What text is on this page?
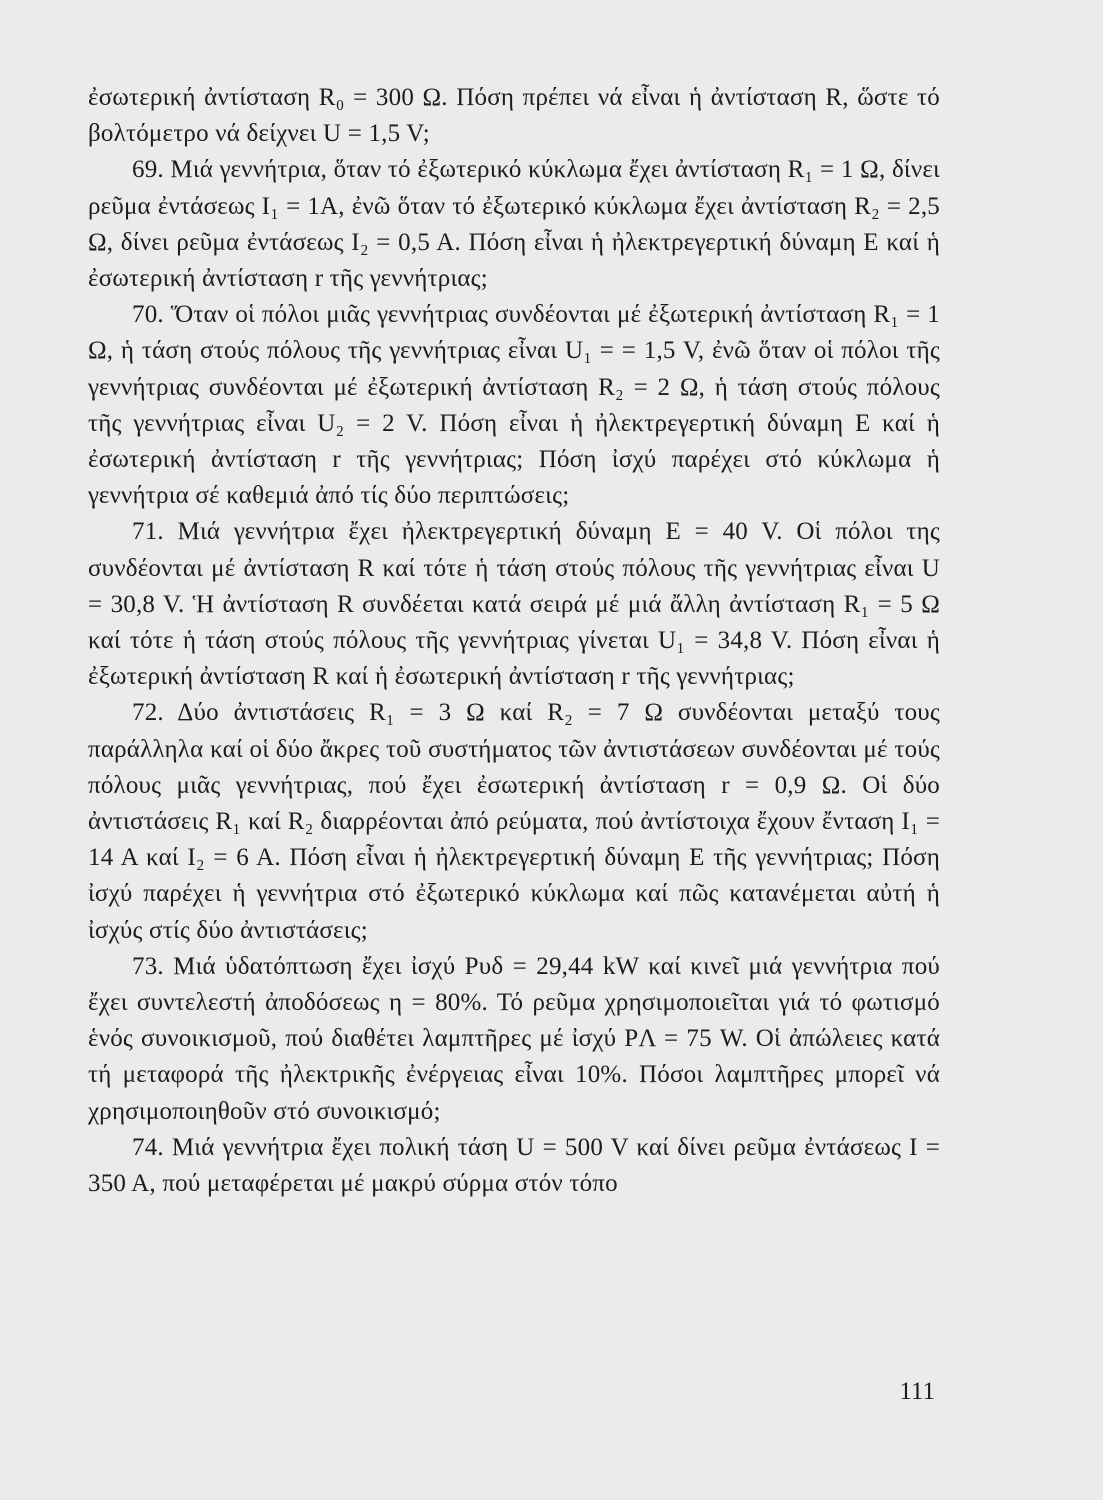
ἐσωτερική ἀντίσταση R₀ = 300 Ω. Πόση πρέπει νά εἶναι ἡ ἀντίσταση R, ὥστε τό βολτόμετρο νά δείχνει U = 1,5 V;

69. Μιά γεννήτρια, ὅταν τό ἐξωτερικό κύκλωμα ἔχει ἀντίσταση R₁ = 1 Ω, δίνει ρεῦμα ἐντάσεως I₁ = 1A, ἐνῶ ὅταν τό ἐξωτερικό κύκλωμα ἔχει ἀντίσταση R₂ = 2,5 Ω, δίνει ρεῦμα ἐντάσεως I₂ = 0,5 A. Πόση εἶναι ἡ ἠλεκτρεγερτική δύναμη E καί ἡ ἐσωτερική ἀντίσταση r τῆς γεννήτριας;

70. Ὅταν οἱ πόλοι μιᾶς γεννήτριας συνδέονται μέ ἐξωτερική ἀντίσταση R₁ = 1 Ω, ἡ τάση στούς πόλους τῆς γεννήτριας εἶναι U₁ = = 1,5 V, ἐνῶ ὅταν οἱ πόλοι τῆς γεννήτριας συνδέονται μέ ἐξωτερική ἀντίσταση R₂ = 2 Ω, ἡ τάση στούς πόλους τῆς γεννήτριας εἶναι U₂ = 2 V. Πόση εἶναι ἡ ἠλεκτρεγερτική δύναμη E καί ἡ ἐσωτερική ἀντίσταση r τῆς γεννήτριας; Πόση ἰσχύ παρέχει στό κύκλωμα ἡ γεννήτρια σέ καθεμιά ἀπό τίς δύο περιπτώσεις;

71. Μιά γεννήτρια ἔχει ἠλεκτρεγερτική δύναμη E = 40 V. Οἱ πόλοι της συνδέονται μέ ἀντίσταση R καί τότε ἡ τάση στούς πόλους τῆς γεννήτριας εἶναι U = 30,8 V. Ἡ ἀντίσταση R συνδέεται κατά σειρά μέ μιά ἄλλη ἀντίσταση R₁ = 5 Ω καί τότε ἡ τάση στούς πόλους τῆς γεννήτριας γίνεται U₁ = 34,8 V. Πόση εἶναι ἡ ἐξωτερική ἀντίσταση R καί ἡ ἐσωτερική ἀντίσταση r τῆς γεννήτριας;

72. Δύο ἀντιστάσεις R₁ = 3 Ω καί R₂ = 7 Ω συνδέονται μεταξύ τους παράλληλα καί οἱ δύο ἄκρες τοῦ συστήματος τῶν ἀντιστάσεων συνδέονται μέ τούς πόλους μιᾶς γεννήτριας, πού ἔχει ἐσωτερική ἀντίσταση r = 0,9 Ω. Οἱ δύο ἀντιστάσεις R₁ καί R₂ διαρρέονται ἀπό ρεύματα, πού ἀντίστοιχα ἔχουν ἔνταση I₁ = 14 A καί I₂ = 6 A. Πόση εἶναι ἡ ἠλεκτρεγερτική δύναμη E τῆς γεννήτριας; Πόση ἰσχύ παρέχει ἡ γεννήτρια στό ἐξωτερικό κύκλωμα καί πῶς κατανέμεται αὐτή ἡ ἰσχύς στίς δύο ἀντιστάσεις;

73. Μιά ὑδατόπτωση ἔχει ἰσχύ Pυδ = 29,44 kW καί κινεῖ μιά γεννήτρια πού ἔχει συντελεστή ἀποδόσεως η = 80%. Τό ρεῦμα χρησιμοποιεῖται γιά τό φωτισμό ἑνός συνοικισμοῦ, πού διαθέτει λαμπτῆρες μέ ἰσχύ PΛ = 75 W. Οἱ ἀπώλειες κατά τή μεταφορά τῆς ἠλεκτρικῆς ἐνέργειας εἶναι 10%. Πόσοι λαμπτῆρες μπορεῖ νά χρησιμοποιηθοῦν στό συνοικισμό;

74. Μιά γεννήτρια ἔχει πολική τάση U = 500 V καί δίνει ρεῦμα ἐντάσεως I = 350 A, πού μεταφέρεται μέ μακρύ σύρμα στόν τόπο

111
